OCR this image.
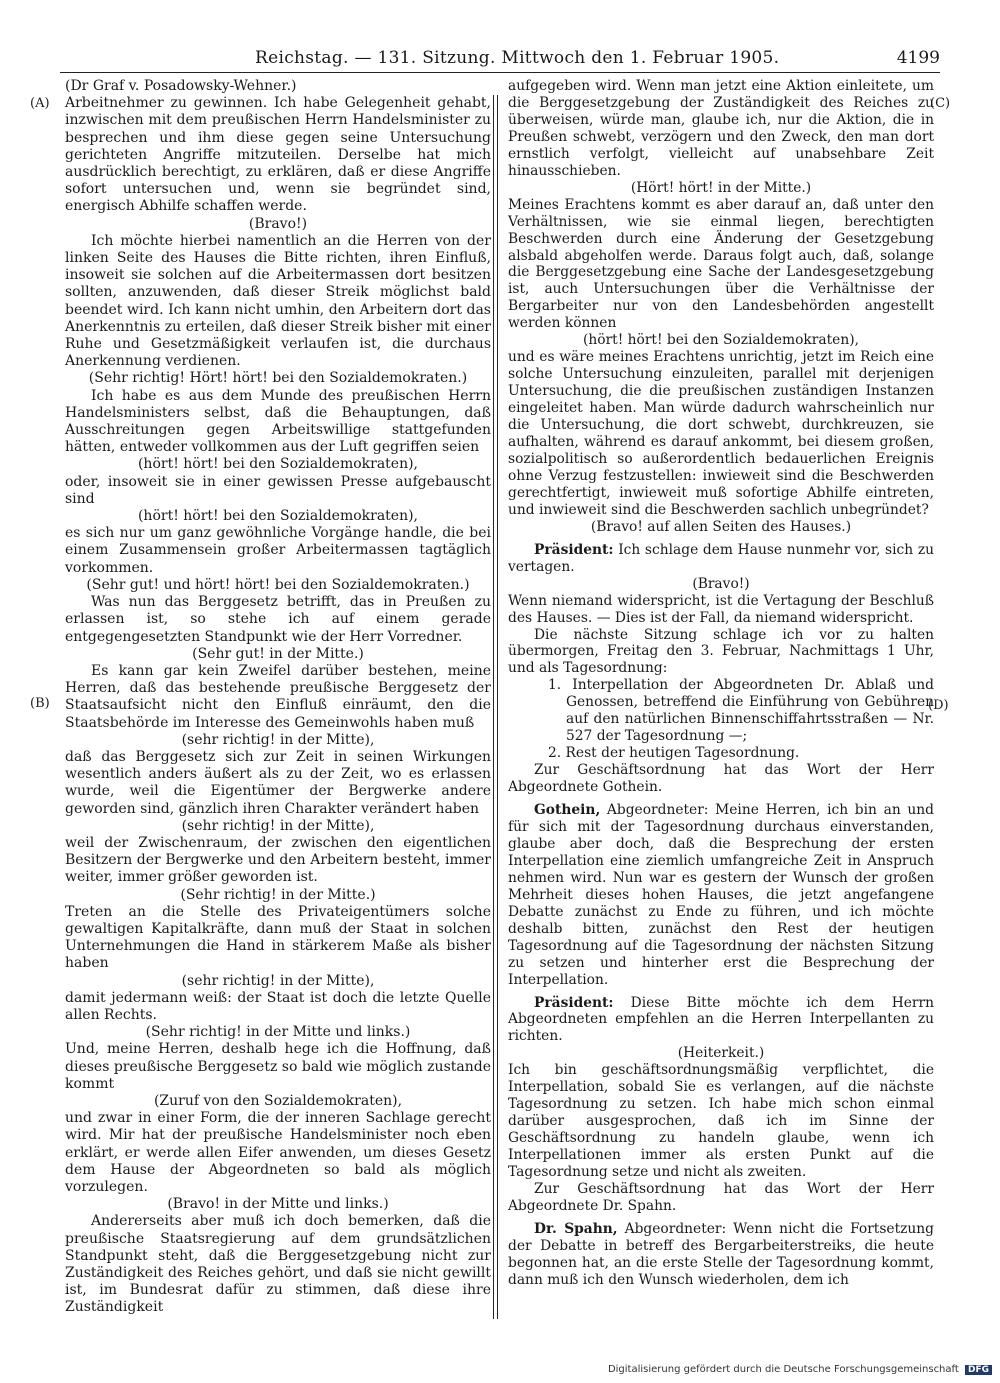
Reichstag. — 131. Sitzung. Mittwoch den 1. Februar 1905.	4199
(A)
(B)
(C)
(D)
(Dr Graf v. Posadowsky-Wehner.)

Arbeitnehmer zu gewinnen. Ich habe Gelegenheit gehabt, inzwischen mit dem preußischen Herrn Handelsminister zu besprechen und ihm diese gegen seine Untersuchung gerichteten Angriffe mitzuteilen. Derselbe hat mich ausdrücklich berechtigt, zu erklären, daß er diese Angriffe sofort untersuchen und, wenn sie begründet sind, energisch Abhilfe schaffen werde.

(Bravo!)

Ich möchte hierbei namentlich an die Herren von der linken Seite des Hauses die Bitte richten, ihren Einfluß, insoweit sie solchen auf die Arbeitermassen dort besitzen sollten, anzuwenden, daß dieser Streik möglichst bald beendet wird. Ich kann nicht umhin, den Arbeitern dort das Anerkenntnis zu erteilen, daß dieser Streik bisher mit einer Ruhe und Gesetzmäßigkeit verlaufen ist, die durchaus Anerkennung verdienen.

(Sehr richtig! Hört! hört! bei den Sozialdemokraten.)

Ich habe es aus dem Munde des preußischen Herrn Handelsministers selbst, daß die Behauptungen, daß Ausschreitungen gegen Arbeitswillige stattgefunden hätten, entweder vollkommen aus der Luft gegriffen seien

(hört! hört! bei den Sozialdemokraten),

oder, insoweit sie in einer gewissen Presse aufgebauscht sind

(hört! hört! bei den Sozialdemokraten),

es sich nur um ganz gewöhnliche Vorgänge handle, die bei einem Zusammensein großer Arbeitermassen tagtäglich vorkommen.

(Sehr gut! und hört! hört! bei den Sozialdemokraten.)

Was nun das Berggesetz betrifft, das in Preußen zu erlassen ist, so stehe ich auf einem gerade entgegengesetzten Standpunkt wie der Herr Vorredner.

(Sehr gut! in der Mitte.)

Es kann gar kein Zweifel darüber bestehen, meine Herren, daß das bestehende preußische Berggesetz der Staatsaufsicht nicht den Einfluß einräumt, den die Staatsbehörde im Interesse des Gemeinwohls haben muß

(sehr richtig! in der Mitte),

daß das Berggesetz sich zur Zeit in seinen Wirkungen wesentlich anders äußert als zu der Zeit, wo es erlassen wurde, weil die Eigentümer der Bergwerke andere geworden sind, gänzlich ihren Charakter verändert haben

(sehr richtig! in der Mitte),

weil der Zwischenraum, der zwischen den eigentlichen Besitzern der Bergwerke und den Arbeitern besteht, immer weiter, immer größer geworden ist.

(Sehr richtig! in der Mitte.)

Treten an die Stelle des Privateigentümers solche gewaltigen Kapitalkräfte, dann muß der Staat in solchen Unternehmungen die Hand in stärkerem Maße als bisher haben

(sehr richtig! in der Mitte),

damit jedermann weiß: der Staat ist doch die letzte Quelle allen Rechts.

(Sehr richtig! in der Mitte und links.)

Und, meine Herren, deshalb hege ich die Hoffnung, daß dieses preußische Berggesetz so bald wie möglich zustande kommt

(Zuruf von den Sozialdemokraten),

und zwar in einer Form, die der inneren Sachlage gerecht wird. Mir hat der preußische Handelsminister noch eben erklärt, er werde allen Eifer anwenden, um dieses Gesetz dem Hause der Abgeordneten so bald als möglich vorzulegen.

(Bravo! in der Mitte und links.)

Andererseits aber muß ich doch bemerken, daß die preußische Staatsregierung auf dem grundsätzlichen Standpunkt steht, daß die Berggesetzgebung nicht zur Zuständigkeit des Reiches gehört, und daß sie nicht gewillt ist, im Bundesrat dafür zu stimmen, daß diese ihre Zuständigkeit

aufgegeben wird. Wenn man jetzt eine Aktion einleitete, um die Berggesetzgebung der Zuständigkeit des Reiches zu überweisen, würde man, glaube ich, nur die Aktion, die in Preußen schwebt, verzögern und den Zweck, den man dort ernstlich verfolgt, vielleicht auf unabsehbare Zeit hinausschieben.

(Hört! hört! in der Mitte.)

Meines Erachtens kommt es aber darauf an, daß unter den Verhältnissen, wie sie einmal liegen, berechtigten Beschwerden durch eine Änderung der Gesetzgebung alsbald abgeholfen werde. Daraus folgt auch, daß, solange die Berggesetzgebung eine Sache der Landesgesetzgebung ist, auch Untersuchungen über die Verhältnisse der Bergarbeiter nur von den Landesbehörden angestellt werden können

(hört! hört! bei den Sozialdemokraten),

und es wäre meines Erachtens unrichtig, jetzt im Reich eine solche Untersuchung einzuleiten, parallel mit derjenigen Untersuchung, die die preußischen zuständigen Instanzen eingeleitet haben. Man würde dadurch wahrscheinlich nur die Untersuchung, die dort schwebt, durchkreuzen, sie aufhalten, während es darauf ankommt, bei diesem großen, sozialpolitisch so außerordentlich bedauerlichen Ereignis ohne Verzug festzustellen: inwieweit sind die Beschwerden gerechtfertigt, inwieweit muß sofortige Abhilfe eintreten, und inwieweit sind die Beschwerden sachlich unbegründet?

(Bravo! auf allen Seiten des Hauses.)

Präsident: Ich schlage dem Hause nunmehr vor, sich zu vertagen.

(Bravo!)

Wenn niemand widerspricht, ist die Vertagung der Beschluß des Hauses. — Dies ist der Fall, da niemand widerspricht.

Die nächste Sitzung schlage ich vor zu halten übermorgen, Freitag den 3. Februar, Nachmittags 1 Uhr, und als Tagesordnung:

1. Interpellation der Abgeordneten Dr. Ablaß und Genossen, betreffend die Einführung von Gebühren auf den natürlichen Binnenschiffahrtsstraßen — Nr. 527 der Tagesordnung —;
2. Rest der heutigen Tagesordnung.

Zur Geschäftsordnung hat das Wort der Herr Abgeordnete Gothein.

Gothein, Abgeordneter: Meine Herren, ich bin an und für sich mit der Tagesordnung durchaus einverstanden, glaube aber doch, daß die Besprechung der ersten Interpellation eine ziemlich umfangreiche Zeit in Anspruch nehmen wird. Nun war es gestern der Wunsch der großen Mehrheit dieses hohen Hauses, die jetzt angefangene Debatte zunächst zu Ende zu führen, und ich möchte deshalb bitten, zunächst den Rest der heutigen Tagesordnung auf die Tagesordnung der nächsten Sitzung zu setzen und hinterher erst die Besprechung der Interpellation.

Präsident: Diese Bitte möchte ich dem Herrn Abgeordneten empfehlen an die Herren Interpellanten zu richten.

(Heiterkeit.)

Ich bin geschäftsordnungsmäßig verpflichtet, die Interpellation, sobald Sie es verlangen, auf die nächste Tagesordnung zu setzen. Ich habe mich schon einmal darüber ausgesprochen, daß ich im Sinne der Geschäftsordnung zu handeln glaube, wenn ich Interpellationen immer als ersten Punkt auf die Tagesordnung setze und nicht als zweiten.

Zur Geschäftsordnung hat das Wort der Herr Abgeordnete Dr. Spahn.

Dr. Spahn, Abgeordneter: Wenn nicht die Fortsetzung der Debatte in betreff des Bergarbeiterstreiks, die heute begonnen hat, an die erste Stelle der Tagesordnung kommt, dann muß ich den Wunsch wiederholen, dem ich

Digitalisierung gefördert durch die Deutsche Forschungsgemeinschaft DFG
